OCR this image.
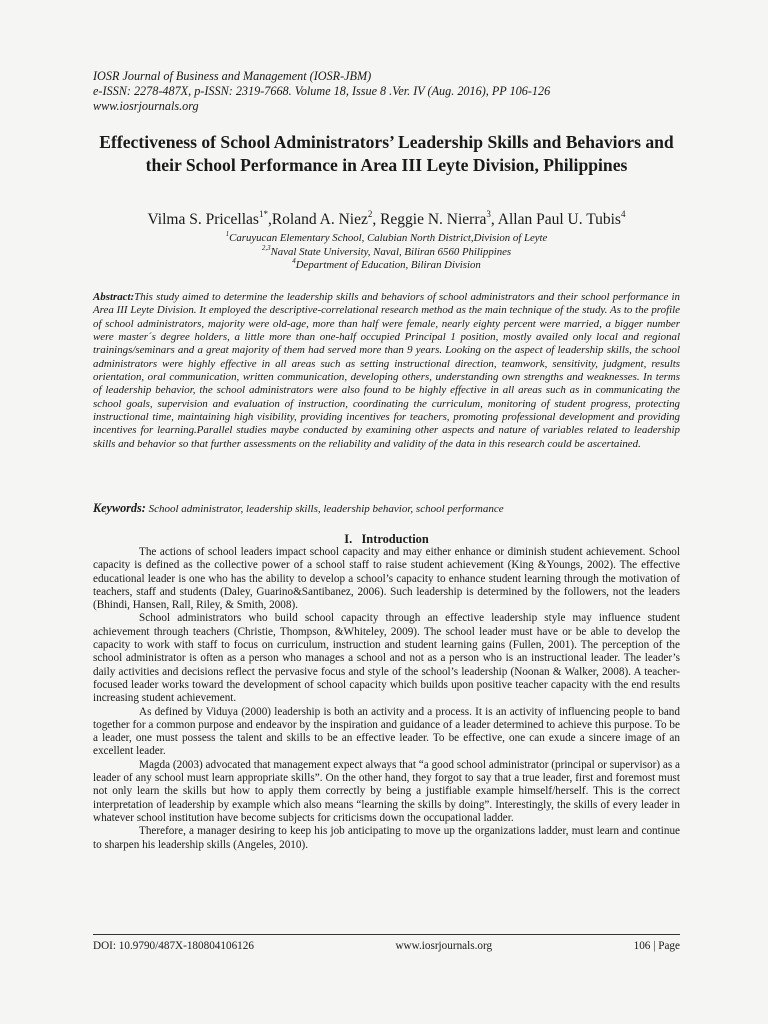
IOSR Journal of Business and Management (IOSR-JBM)
e-ISSN: 2278-487X, p-ISSN: 2319-7668. Volume 18, Issue 8 .Ver. IV (Aug. 2016), PP 106-126
www.iosrjournals.org
Effectiveness of School Administrators’ Leadership Skills and Behaviors and their School Performance in Area III Leyte Division, Philippines
Vilma S. Pricellas$^{1*}$,Roland A. Niez$^2$, Reggie N. Nierra$^3$, Allan Paul U. Tubis$^4$
$^1$Caruyucan Elementary School, Calubian North District,Division of Leyte
$^{2,3}$Naval State University, Naval, Biliran 6560 Philippines
$^4$Department of Education, Biliran Division
Abstract:This study aimed to determine the leadership skills and behaviors of school administrators and their school performance in Area III Leyte Division. It employed the descriptive-correlational research method as the main technique of the study. As to the profile of school administrators, majority were old-age, more than half were female, nearly eighty percent were married, a bigger number were master´s degree holders, a little more than one-half occupied Principal 1 position, mostly availed only local and regional trainings/seminars and a great majority of them had served more than 9 years. Looking on the aspect of leadership skills, the school administrators were highly effective in all areas such as setting instructional direction, teamwork, sensitivity, judgment, results orientation, oral communication, written communication, developing others, understanding own strengths and weaknesses. In terms of leadership behavior, the school administrators were also found to be highly effective in all areas such as in communicating the school goals, supervision and evaluation of instruction, coordinating the curriculum, monitoring of student progress, protecting instructional time, maintaining high visibility, providing incentives for teachers, promoting professional development and providing incentives for learning.Parallel studies maybe conducted by examining other aspects and nature of variables related to leadership skills and behavior so that further assessments on the reliability and validity of the data in this research could be ascertained.
Keywords: School administrator, leadership skills, leadership behavior, school performance
I. Introduction

The actions of school leaders impact school capacity and may either enhance or diminish student achievement. School capacity is defined as the collective power of a school staff to raise student achievement (King &Youngs, 2002). The effective educational leader is one who has the ability to develop a school’s capacity to enhance student learning through the motivation of teachers, staff and students (Daley, Guarino&Santibanez, 2006). Such leadership is determined by the followers, not the leaders (Bhindi, Hansen, Rall, Riley, & Smith, 2008).

School administrators who build school capacity through an effective leadership style may influence student achievement through teachers (Christie, Thompson, &Whiteley, 2009). The school leader must have or be able to develop the capacity to work with staff to focus on curriculum, instruction and student learning gains (Fullen, 2001). The perception of the school administrator is often as a person who manages a school and not as a person who is an instructional leader. The leader’s daily activities and decisions reflect the pervasive focus and style of the school’s leadership (Noonan & Walker, 2008). A teacher-focused leader works toward the development of school capacity which builds upon positive teacher capacity with the end results increasing student achievement.

As defined by Viduya (2000) leadership is both an activity and a process. It is an activity of influencing people to band together for a common purpose and endeavor by the inspiration and guidance of a leader determined to achieve this purpose. To be a leader, one must possess the talent and skills to be an effective leader. To be effective, one can exude a sincere image of an excellent leader.

Magda (2003) advocated that management expect always that “a good school administrator (principal or supervisor) as a leader of any school must learn appropriate skills”. On the other hand, they forgot to say that a true leader, first and foremost must not only learn the skills but how to apply them correctly by being a justifiable example himself/herself. This is the correct interpretation of leadership by example which also means “learning the skills by doing”. Interestingly, the skills of every leader in whatever school institution have become subjects for criticisms down the occupational ladder.

Therefore, a manager desiring to keep his job anticipating to move up the organizations ladder, must learn and continue to sharpen his leadership skills (Angeles, 2010).

DOI: 10.9790/487X-180804106126	www.iosrjournals.org	106 | Page
